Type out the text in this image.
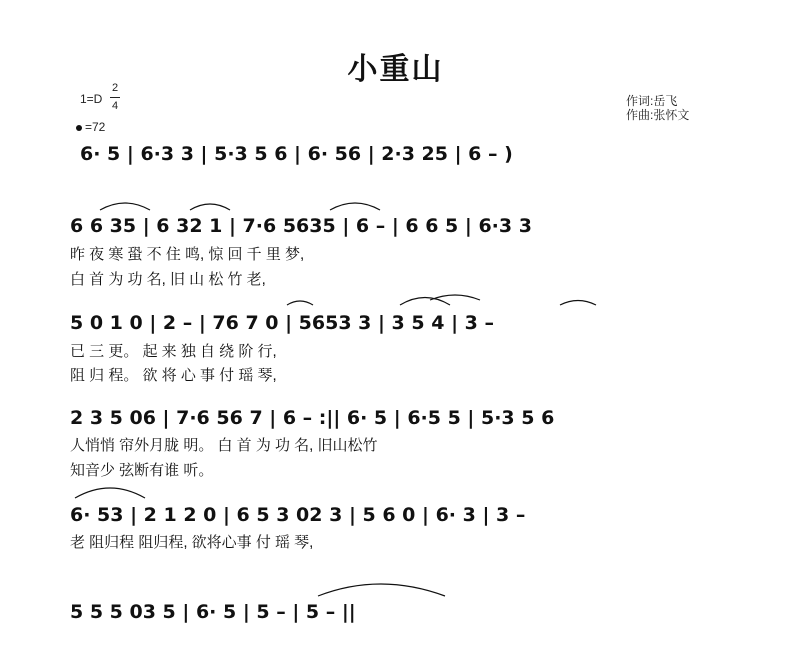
小重山
1=D
2
4
=72
作词:岳飞
作曲:张怀文
6· 5 | 6·3 3 | 5·3 5 6 | 6· 56 | 2·3 25 | 6 – )
6 6 35 | 6 32 1 | 7·6 5635 | 6 – | 6 6 5 | 6·3 3
昨 夜 寒 蛩 不 住 鸣, 惊 回 千 里 梦,
白 首 为 功 名, 旧 山 松 竹 老,
5 0 1 0 | 2 – | 76 7 0 | 5653 3 | 3 5 4 | 3 –
已 三 更。 起 来 独 自 绕 阶 行,
阻 归 程。 欲 将 心 事 付 瑶 琴,
2 3 5 06 | 7·6 56 7 | 6 – :|| 6· 5 | 6·5 5 | 5·3 5 6
人悄悄 帘外月胧 明。 白 首 为 功 名, 旧山松竹
知音少 弦断有谁 听。
6· 53 | 2 1 2 0 | 6 5 3 02 3 | 5 6 0 | 6· 3 | 3 –
老 阻归程 阻归程, 欲将心事 付 瑶 琴,
5 5 5 03 5 | 6· 5 | 5 – | 5 – ||
